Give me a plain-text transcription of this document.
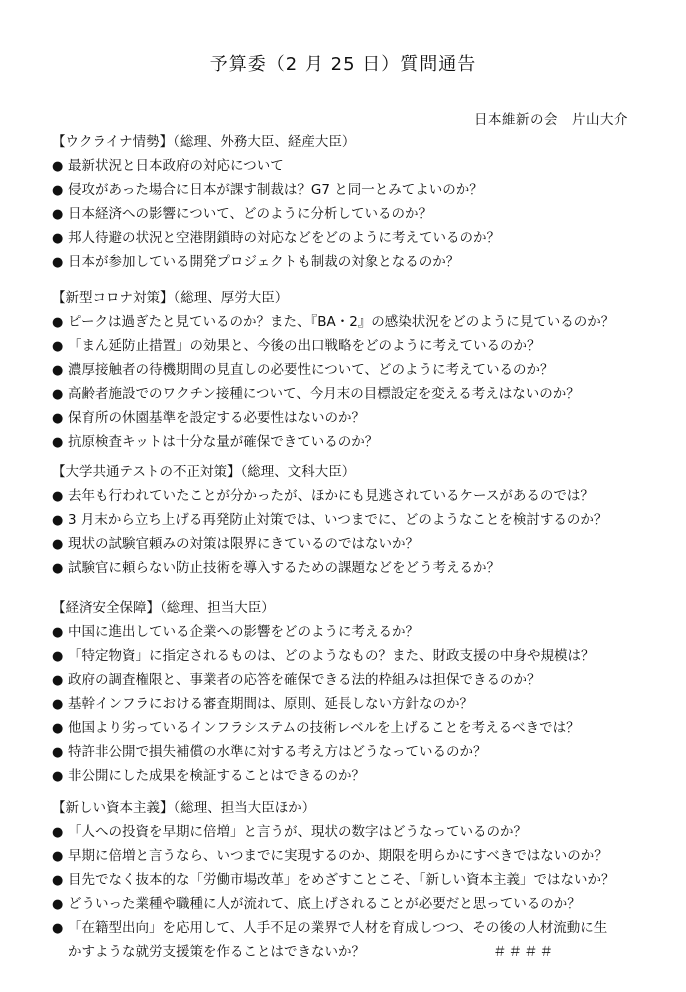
予算委（2 月 25 日）質問通告
日本維新の会　片山大介
【ウクライナ情勢】（総理、外務大臣、経産大臣）
● 最新状況と日本政府の対応について
● 侵攻があった場合に日本が課す制裁は？G7 と同一とみてよいのか？
● 日本経済への影響について、どのように分析しているのか？
● 邦人待避の状況と空港閉鎖時の対応などをどのように考えているのか？
● 日本が参加している開発プロジェクトも制裁の対象となるのか？
【新型コロナ対策】（総理、厚労大臣）
● ピークは過ぎたと見ているのか？また、『BA・2』の感染状況をどのように見ているのか？
● 「まん延防止措置」の効果と、今後の出口戦略をどのように考えているのか？
● 濃厚接触者の待機期間の見直しの必要性について、どのように考えているのか？
● 高齢者施設でのワクチン接種について、今月末の目標設定を変える考えはないのか？
● 保育所の休園基準を設定する必要性はないのか？
● 抗原検査キットは十分な量が確保できているのか？
【大学共通テストの不正対策】（総理、文科大臣）
● 去年も行われていたことが分かったが、ほかにも見逃されているケースがあるのでは？
● 3 月末から立ち上げる再発防止対策では、いつまでに、どのようなことを検討するのか？
● 現状の試験官頼みの対策は限界にきているのではないか？
● 試験官に頼らない防止技術を導入するための課題などをどう考えるか？
【経済安全保障】（総理、担当大臣）
● 中国に進出している企業への影響をどのように考えるか？
● 「特定物資」に指定されるものは、どのようなもの？また、財政支援の中身や規模は？
● 政府の調査権限と、事業者の応答を確保できる法的枠組みは担保できるのか？
● 基幹インフラにおける審査期間は、原則、延長しない方針なのか？
● 他国より劣っているインフラシステムの技術レベルを上げることを考えるべきでは？
● 特許非公開で損失補償の水準に対する考え方はどうなっているのか？
● 非公開にした成果を検証することはできるのか？
【新しい資本主義】（総理、担当大臣ほか）
● 「人への投資を早期に倍増」と言うが、現状の数字はどうなっているのか？
● 早期に倍増と言うなら、いつまでに実現するのか、期限を明らかにすべきではないのか？
● 目先でなく抜本的な「労働市場改革」をめざすことこそ、「新しい資本主義」ではないか？
● どういった業種や職種に人が流れて、底上げされることが必要だと思っているのか？
● 「在籍型出向」を応用して、人手不足の業界で人材を育成しつつ、その後の人材流動に生
かすような就労支援策を作ることはできないか？	＃＃＃＃
